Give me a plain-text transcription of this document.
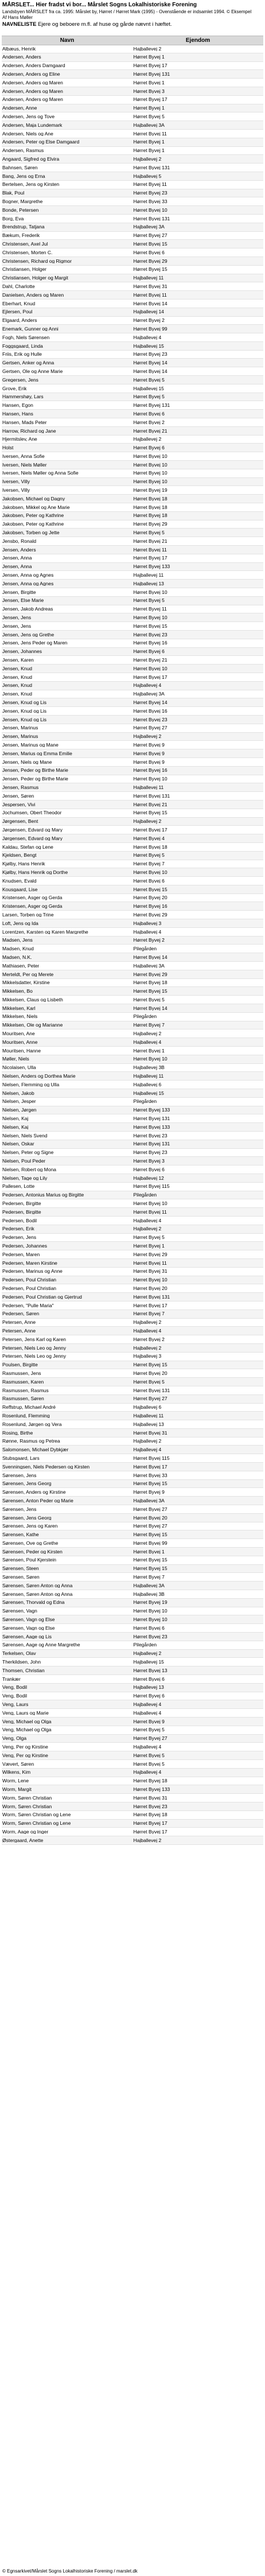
MÅRSLET... Hier fradst vi bor... Mårslet Sogns Lokalhistoriske Forening
Landsbyen MÅRSLET fra ca. 1995: Mårslet by, Hørret / Hørret Mark (1995) - Ovenstående er indsamlet 1994. © Eksempel
Af Hans Møller
NAVNELISTE Ejere og beboere m.fl. af huse og gårde nævnt i hæftet.
Navn	Ejendom
Albæus, Henrik	Hajballevej 2
Andersen, Anders	Hørret Byvej 1
Andersen, Anders Damgaard	Hørret Byvej 17
Andersen, Anders og Eline	Hørret Byvej 131
Andersen, Anders og Maren	Hørret Byvej 1
Andersen, Anders og Maren	Hørret Byvej 3
Andersen, Anders og Maren	Hørret Byvej 17
Andersen, Anne	Hørret Byvej 1
Andersen, Jens og Tove	Hørret Byvej 5
Andersen, Maja Lundemark	Hajballevej 3A
Andersen, Niels og Ane	Hørret Byvej 11
Andersen, Peter og Else Damgaard	Hørret Byvej 1
Andersen, Rasmus	Hørret Byvej 1
Angaard, Sigfred og Elvira	Hajballevej 2
Bahnsen, Søren	Hørret Byvej 131
Bang, Jens og Erna	Hajballevej 5
Bertelsen, Jens og Kirsten	Hørret Byvej 11
Blak, Poul	Hørret Byvej 23
Bogner, Margrethe	Hørret Byvej 33
Bonde, Petersen	Hørret Byvej 10
Borg, Eva	Hørret Byvej 131
Brendstrup, Tatjana	Hajballevej 3A
Bækum, Frederik	Hørret Byvej 27
Christensen, Axel Jul	Hørret Byvej 15
Christensen, Morten C.	Hørret Byvej 6
Christensen, Richard og Rigmor	Hørret Byvej 29
Christiansen, Holger	Hørret Byvej 15
Christiansen, Holger og Margit	Hajballevej 11
Dahl, Charlotte	Hørret Byvej 31
Danielsen, Anders og Maren	Hørret Byvej 11
Eberhart, Knud	Hørret Byvej 14
Ejlersen, Poul	Hajballevej 14
Elgaard, Anders	Hørret Byvej 2
Enemark, Gunner og Anni	Hørret Byvej 99
Fogh, Niels Sørensen	Hajballevej 4
Foggsgaard, Linda	Hajballevej 15
Friis, Erik og Hulle	Hørret Byvej 23
Gertsen, Anker og Anna	Hørret Byvej 14
Gertsen, Ole og Anne Marie	Hørret Byvej 14
Gregersen, Jens	Hørret Byvej 5
Grove, Erik	Hajballevej 15
Hammershøy, Lars	Hørret Byvej 5
Hansen, Egon	Hørret Byvej 131
Hansen, Hans	Hørret Byvej 6
Hansen, Mads Peter	Hørret Byvej 2
Harrow, Richard og Jane	Hørret Byvej 21
Hjermitslev, Ane	Hajballevej 2
Holst	Hørret Byvej 6
Iversen, Anna Sofie	Hørret Byvej 10
Iversen, Niels Møller	Hørret Byvej 10
Iversen, Niels Møller og Anna Sofie	Hørret Byvej 10
Iversen, Villy	Hørret Byvej 10
Iversen, Villy	Hørret Byvej 19
Jakobsen, Michael og Dagny	Hørret Byvej 18
Jakobsen, Mikkel og Ane Marie	Hørret Byvej 18
Jakobsen, Peter og Kathrine	Hørret Byvej 18
Jakobsen, Peter og Kathrine	Hørret Byvej 29
Jakobsen, Torben og Jette	Hørret Byvej 5
Jensbo, Ronald	Hørret Byvej 21
Jensen, Anders	Hørret Byvej 11
Jensen, Anna	Hørret Byvej 17
Jensen, Anna	Hørret Byvej 133
Jensen, Anna og Agnes	Hajballevej 11
Jensen, Anna og Agnes	Hajballevej 13
Jensen, Birgitte	Hørret Byvej 10
Jensen, Else Marie	Hørret Byvej 5
Jensen, Jakob Andreas	Hørret Byvej 11
Jensen, Jens	Hørret Byvej 10
Jensen, Jens	Hørret Byvej 15
Jensen, Jens og Grethe	Hørret Byvej 23
Jensen, Jens Peder og Maren	Hørret Byvej 16
Jensen, Johannes	Hørret Byvej 6
Jensen, Karen	Hørret Byvej 21
Jensen, Knud	Hørret Byvej 10
Jensen, Knud	Hørret Byvej 17
Jensen, Knud	Hajballevej 4
Jensen, Knud	Hajballevej 3A
Jensen, Knud og Lis	Hørret Byvej 14
Jensen, Knud og Lis	Hørret Byvej 16
Jensen, Knud og Lis	Hørret Byvej 23
Jensen, Marinus	Hørret Byvej 27
Jensen, Marinus	Hajballevej 2
Jensen, Marinus og Mane	Hørret Byvej 9
Jensen, Marius og Emma Emilie	Hørret Byvej 9
Jensen, Niels og Mane	Hørret Byvej 9
Jensen, Peder og Birthe Marie	Hørret Byvej 16
Jensen, Peder og Birthe Marie	Hørret Byvej 10
Jensen, Rasmus	Hajballevej 11
Jensen, Søren	Hørret Byvej 131
Jespersen, Vivi	Hørret Byvej 21
Jochumsen, Obert Theodor	Hørret Byvej 15
Jørgensen, Bent	Hajballevej 2
Jørgensen, Edvard og Mary	Hørret Byvej 17
Jørgensen, Edvard og Mary	Hørret Byvej 4
Kaldau, Stefan og Lene	Hørret Byvej 18
Kjeldsen, Bengt	Hørret Byvej 5
Kjølby, Hans Henrik	Hørret Byvej 7
Kjølby, Hans Henrik og Dorthe	Hørret Byvej 10
Knudsen, Evald	Hørret Byvej 6
Kousgaard, Lise	Hørret Byvej 15
Kristensen, Asger og Gerda	Hørret Byvej 20
Kristensen, Asger og Gerda	Hørret Byvej 16
Larsen, Torben og Trine	Hørret Byvej 29
Loft, Jens og Ida	Hajballevej 3
Lorentzen, Karsten og Karen Margrethe	Hajballevej 4
Madsen, Jens	Hørret Byvej 2
Madsen, Knud	Pilegården
Madsen, N.K.	Hørret Byvej 14
Mathiasen, Peter	Hajballevej 3A
Merteldt, Per og Merete	Hørret Byvej 29
Mikkelsdatter, Kirstine	Hørret Byvej 18
Mikkelsen, Bo	Hørret Byvej 15
Mikkelsen, Claus og Lisbeth	Hørret Byvej 5
Mikkelsen, Karl	Hørret Byvej 14
Mikkelsen, Niels	Pilegården
Mikkelsen, Ole og Marianne	Hørret Byvej 7
Mouritsen, Ane	Hajballevej 2
Mouritsen, Anne	Hajballevej 4
Mouritsen, Hanne	Hørret Byvej 1
Møller, Niels	Hørret Byvej 10
Nicolaisen, Ulla	Hajballevej 3B
Nielsen, Anders og Dorthea Marie	Hajballevej 11
Nielsen, Flemming og Ulla	Hajballevej 6
Nielsen, Jakob	Hajballevej 15
Nielsen, Jesper	Pilegården
Nielsen, Jørgen	Hørret Byvej 133
Nielsen, Kaj	Hørret Byvej 131
Nielsen, Kaj	Hørret Byvej 133
Nielsen, Niels Svend	Hørret Byvej 23
Nielsen, Oskar	Hørret Byvej 131
Nielsen, Peter og Signe	Hørret Byvej 23
Nielsen, Poul Peder	Hørret Byvej 3
Nielsen, Robert og Mona	Hørret Byvej 6
Nielsen, Tage og Lily	Hajballevej 12
Pallesen, Lotte	Hørret Byvej 115
Pedersen, Antonius Marius og Birgitte	Pilegården
Pedersen, Birgitte	Hørret Byvej 10
Pedersen, Birgitte	Hørret Byvej 11
Pedersen, Bodil	Hajballevej 4
Pedersen, Erik	Hajballevej 2
Pedersen, Jens	Hørret Byvej 5
Pedersen, Johannes	Hørret Byvej 1
Pedersen, Maren	Hørret Byvej 29
Pedersen, Maren Kirstine	Hørret Byvej 11
Pedersen, Marinus og Anne	Hørret Byvej 31
Pedersen, Poul Christian	Hørret Byvej 10
Pedersen, Poul Christian	Hørret Byvej 20
Pedersen, Poul Christian og Gjertrud	Hørret Byvej 131
Pedersen, "Pulle Maria"	Hørret Byvej 17
Pedersen, Søren	Hørret Byvej 7
Petersen, Anne	Hajballevej 2
Petersen, Anne	Hajballevej 4
Petersen, Jens Karl og Karen	Hørret Byvej 2
Petersen, Niels Leo og Jenny	Hajballevej 2
Petersen, Niels Leo og Jenny	Hajballevej 3
Poulsen, Birgitte	Hørret Byvej 15
Rasmussen, Jens	Hørret Byvej 20
Rasmussen, Karen	Hørret Byvej 5
Rasmussen, Rasmus	Hørret Byvej 131
Rasmussen, Søren	Hørret Byvej 27
Reffstrup, Michael André	Hajballevej 6
Rosenlund, Flemming	Hajballevej 11
Rosenlund, Jørgen og Vera	Hajballevej 13
Rosing, Birthe	Hørret Byvej 31
Rønne, Rasmus og Petrea	Hajballevej 2
Salomonsen, Michael Dybkjær	Hajballevej 4
Stubsgaard, Lars	Hørret Byvej 115
Svenningsen, Niels Pedersen og Kirsten	Hørret Byvej 17
Sørensen, Jens	Hørret Byvej 33
Sørensen, Jens Georg	Hørret Byvej 15
Sørensen, Anders og Kirstine	Hørret Byvej 9
Sørensen, Anton Peder og Marie	Hajballevej 3A
Sørensen, Jens	Hørret Byvej 27
Sørensen, Jens Georg	Hørret Byvej 20
Sørensen, Jens og Karen	Hørret Byvej 27
Sørensen, Kathe	Hørret Byvej 15
Sørensen, Ove og Grethe	Hørret Byvej 99
Sørensen, Peder og Kirsten	Hørret Byvej 1
Sørensen, Poul Kjerstein	Hørret Byvej 15
Sørensen, Steen	Hørret Byvej 15
Sørensen, Søren	Hørret Byvej 7
Sørensen, Søren Anton og Anna	Hajballevej 3A
Sørensen, Søren Anton og Anna	Hajballevej 3B
Sørensen, Thorvald og Edna	Hørret Byvej 19
Sørensen, Vagn	Hørret Byvej 10
Sørensen, Vagn og Else	Hørret Byvej 10
Sørensen, Vagn og Else	Hørret Byvej 6
Sørensen, Aage og Lis	Hørret Byvej 23
Sørensen, Aage og Anne Margrethe	Pilegården
Terkelsen, Olav	Hajballevej 2
Therkildsen, John	Hajballevej 15
Thomsen, Christian	Hørret Byvej 13
Trankær	Hørret Byvej 6
Veng, Bodil	Hajballevej 13
Veng, Bodil	Hørret Byvej 6
Veng, Laurs	Hajballevej 4
Veng, Laurs og Marie	Hajballevej 4
Veng, Michael og Olga	Hørret Byvej 9
Veng, Michael og Olga	Hørret Byvej 5
Veng, Olga	Hørret Byvej 27
Veng, Per og Kirstine	Hajballevej 4
Veng, Per og Kirstine	Hørret Byvej 5
Vævert, Søren	Hørret Byvej 5
Wilkens, Kim	Hajballevej 4
Worm, Lene	Hørret Byvej 18
Worm, Margit	Hørret Byvej 133
Worm, Søren Christian	Hørret Byvej 31
Worm, Søren Christian	Hørret Byvej 23
Worm, Søren Christian og Lene	Hørret Byvej 18
Worm, Søren Christian og Lene	Hørret Byvej 17
Worm, Aage og Inger	Hørret Byvej 17
Østergaard, Anette	Hajballevej 2
© Egnsarkivet/Mårslet Sogns Lokalhistoriske Forening / marslet.dk
